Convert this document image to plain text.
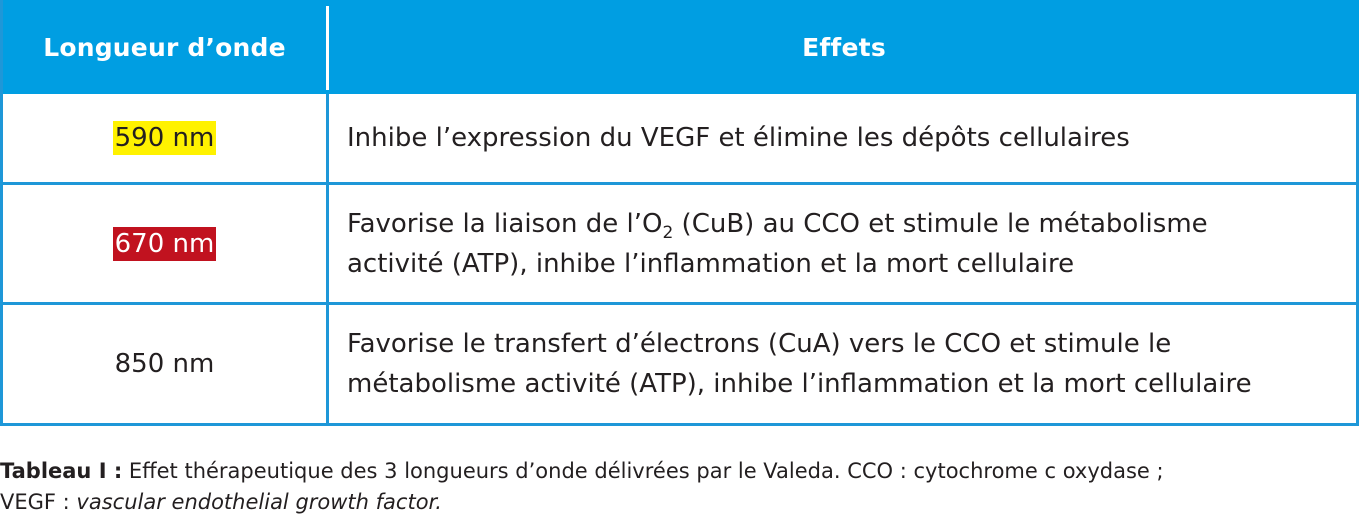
Longueur d’onde	Effets
590 nm	Inhibe l’expression du VEGF et élimine les dépôts cellulaires
670 nm
Favorise la liaison de $l’O_2$ (CuB) au CCO et stimule le métabolisme
activité (ATP), inhibe l’inflammation et la mort cellulaire
850 nm
Favorise le transfert d’électrons (CuA) vers le CCO et stimule le
métabolisme activité (ATP), inhibe l’inflammation et la mort cellulaire
Tableau I : Effet thérapeutique des 3 longueurs d’onde délivrées par le Valeda. CCO : cytochrome c oxydase ;
VEGF : vascular endothelial growth factor.
